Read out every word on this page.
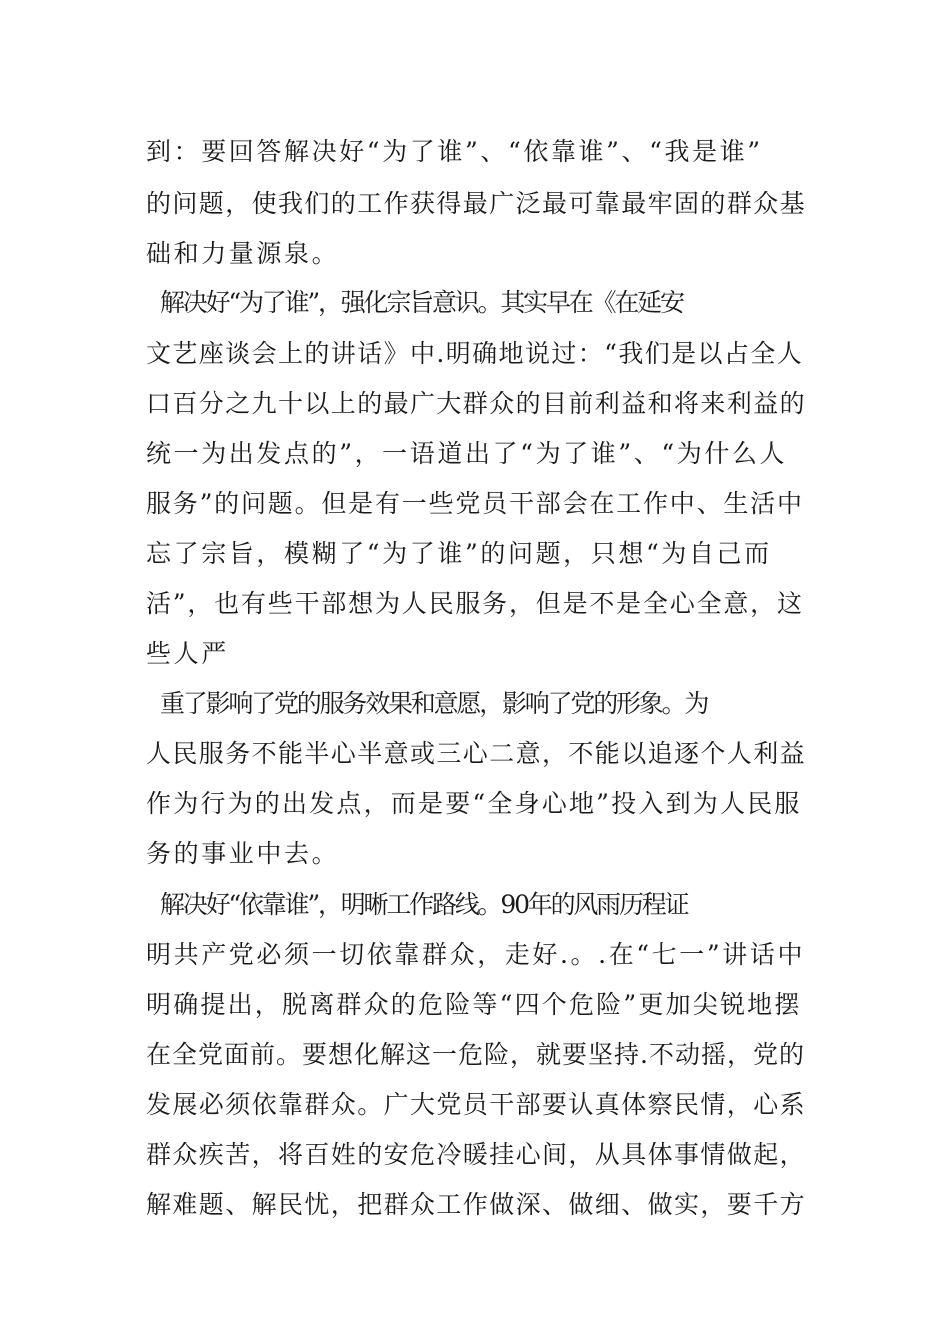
到：要回答解决好“为了谁”、“依靠谁”、“我是谁”
的问题，使我们的工作获得最广泛最可靠最牢固的群众基
础和力量源泉。
解决好“为了谁”，强化宗旨意识。其实早在《在延安
文艺座谈会上的讲话》中.明确地说过：“我们是以占全人
口百分之九十以上的最广大群众的目前利益和将来利益的
统一为出发点的”，一语道出了“为了谁”、“为什么人
服务”的问题。但是有一些党员干部会在工作中、生活中
忘了宗旨，模糊了“为了谁”的问题，只想“为自己而
活”，也有些干部想为人民服务，但是不是全心全意，这
些人严
重了影响了党的服务效果和意愿，影响了党的形象。为
人民服务不能半心半意或三心二意，不能以追逐个人利益
作为行为的出发点，而是要“全身心地”投入到为人民服
务的事业中去。
解决好“依靠谁”，明晰工作路线。90年的风雨历程证
明共产党必须一切依靠群众，走好.。.在“七一”讲话中
明确提出，脱离群众的危险等“四个危险”更加尖锐地摆
在全党面前。要想化解这一危险，就要坚持.不动摇，党的
发展必须依靠群众。广大党员干部要认真体察民情，心系
群众疾苦，将百姓的安危冷暖挂心间，从具体事情做起，
解难题、解民忧，把群众工作做深、做细、做实，要千方
